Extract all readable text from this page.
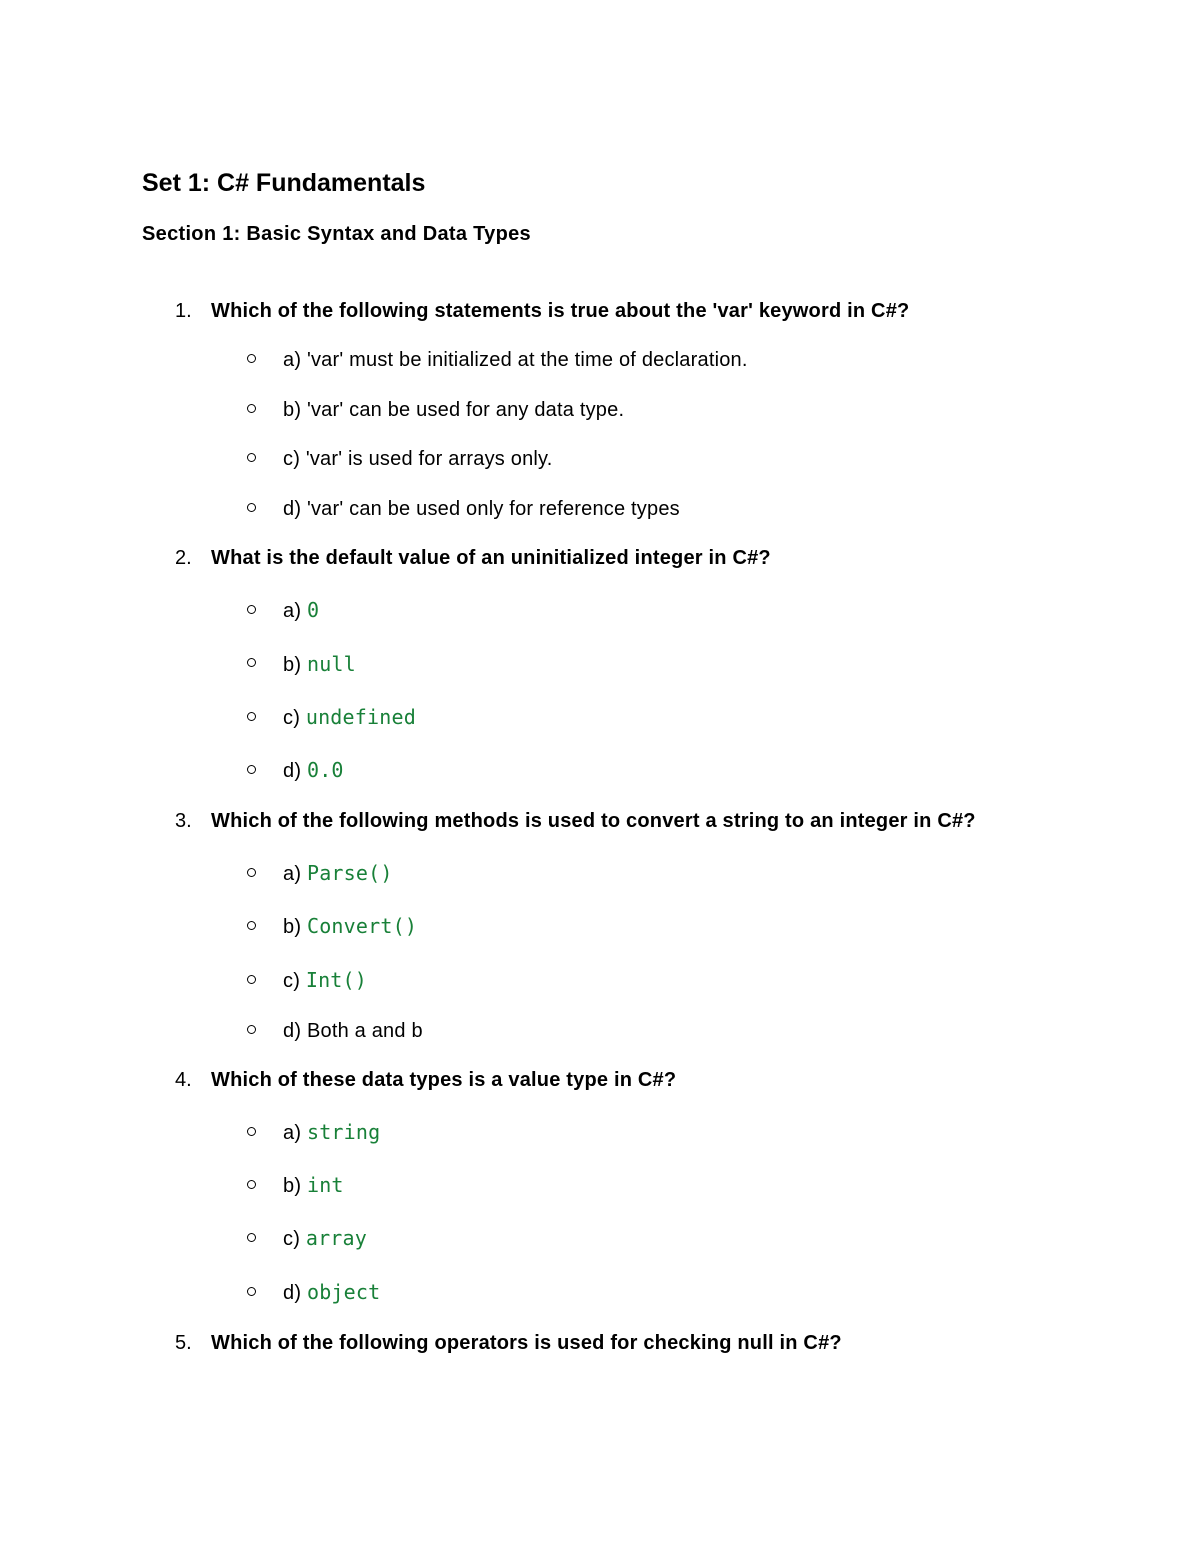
Set 1: C# Fundamentals
Section 1: Basic Syntax and Data Types
1. Which of the following statements is true about the 'var' keyword in C#?
a) 'var' must be initialized at the time of declaration.
b) 'var' can be used for any data type.
c) 'var' is used for arrays only.
d) 'var' can be used only for reference types
2. What is the default value of an uninitialized integer in C#?
a) 0
b) null
c) undefined
d) 0.0
3. Which of the following methods is used to convert a string to an integer in C#?
a) Parse()
b) Convert()
c) Int()
d) Both a and b
4. Which of these data types is a value type in C#?
a) string
b) int
c) array
d) object
5. Which of the following operators is used for checking null in C#?
